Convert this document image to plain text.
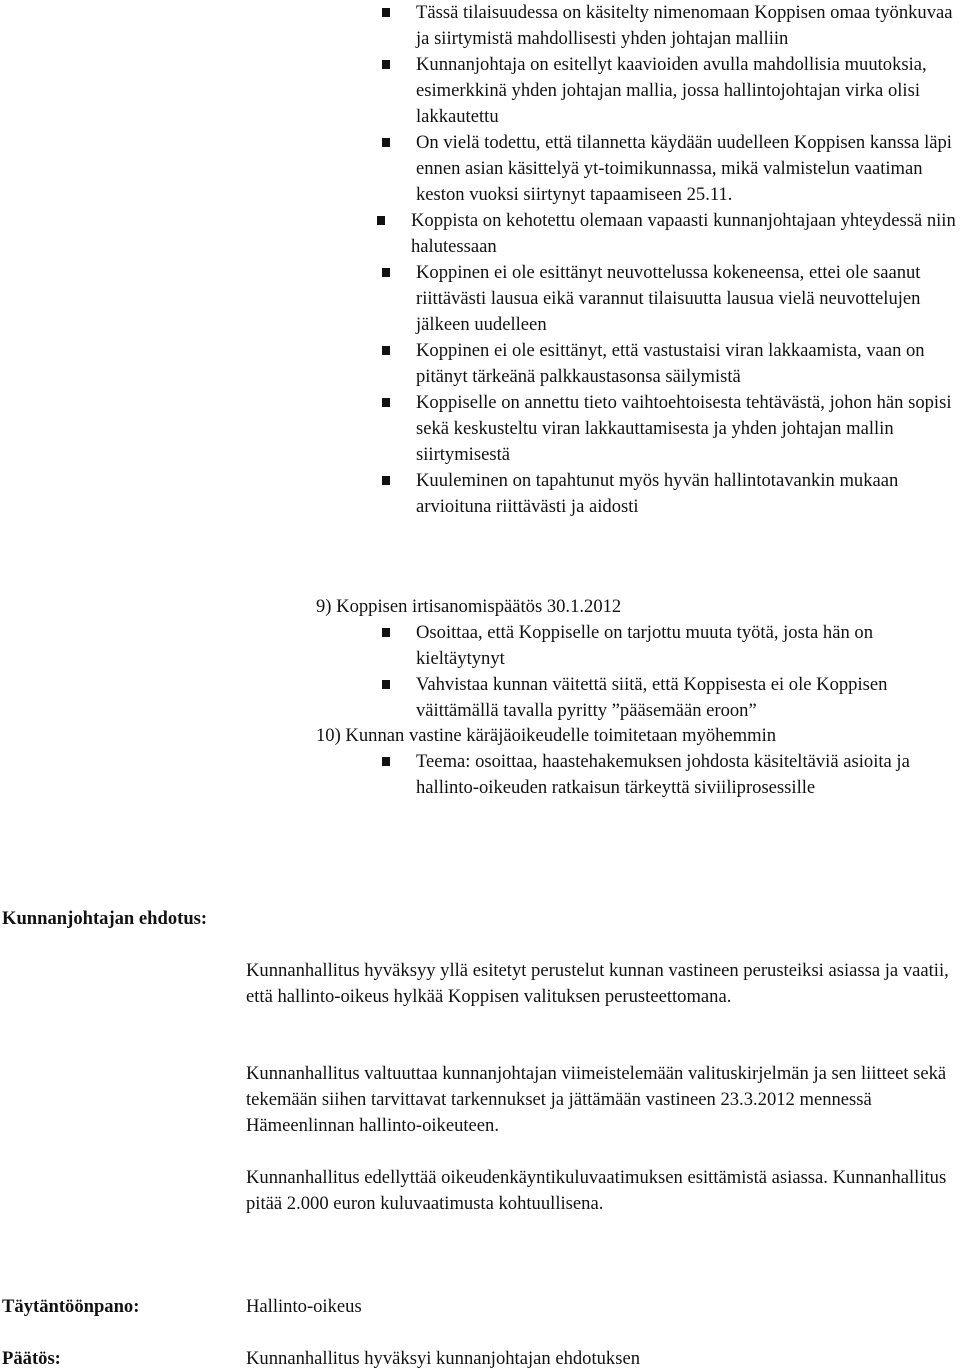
Tässä tilaisuudessa on käsitelty nimenomaan Koppisen omaa työnkuvaa ja siirtymistä mahdollisesti yhden johtajan malliin
Kunnanjohtaja on esitellyt kaavioiden avulla mahdollisia muutoksia, esimerkkinä yhden johtajan mallia, jossa hallintojohtajan virka olisi lakkautettu
On vielä todettu, että tilannetta käydään uudelleen Koppisen kanssa läpi ennen asian käsittelyä yt-toimikunnassa, mikä valmistelun vaatiman keston vuoksi siirtynyt tapaamiseen 25.11.
Koppista on kehotettu olemaan vapaasti kunnanjohtajaan yhteydessä niin halutessaan
Koppinen ei ole esittänyt neuvottelussa kokeneensa, ettei ole saanut riittävästi lausua eikä varannut tilaisuutta lausua vielä neuvottelujen jälkeen uudelleen
Koppinen ei ole esittänyt, että vastustaisi viran lakkaamista, vaan on pitänyt tärkeänä palkkaustasonsa säilymistä
Koppiselle on annettu tieto vaihtoehtoisesta tehtävästä, johon hän sopisi sekä keskusteltu viran lakkauttamisesta ja yhden johtajan mallin siirtymisestä
Kuuleminen on tapahtunut myös hyvän hallintotavankin mukaan arvioituna riittävästi ja aidosti
9) Koppisen irtisanomispäätös 30.1.2012
Osoittaa, että Koppiselle on tarjottu muuta työtä, josta hän on kieltäytynyt
Vahvistaa kunnan väitettä siitä, että Koppisesta ei ole Koppisen väittämällä tavalla pyritty ”pääsemään eroon”
10) Kunnan vastine käräjäoikeudelle toimitetaan myöhemmin
Teema: osoittaa, haastehakemuksen johdosta käsiteltäviä asioita ja hallinto-oikeuden ratkaisun tärkeyttä siviiliprosessille
Kunnanjohtajan ehdotus:

Kunnanhallitus hyväksyy yllä esitetyt perustelut kunnan vastineen perusteiksi asiassa ja vaatii, että hallinto-oikeus hylkää Koppisen valituksen perusteettomana.

Kunnanhallitus valtuuttaa kunnanjohtajan viimeistelemään valituskirjelmän ja sen liitteet sekä tekemään siihen tarvittavat tarkennukset ja jättämään vastineen 23.3.2012 mennessä Hämeenlinnan hallinto-oikeuteen.

Kunnanhallitus edellyttää oikeudenkäyntikuluvaatimuksen esittämistä asiassa. Kunnanhallitus pitää 2.000 euron kuluvaatimusta kohtuullisena.

Täytäntöönpano:	Hallinto-oikeus
Päätös:	Kunnanhallitus hyväksyi kunnanjohtajan ehdotuksen
